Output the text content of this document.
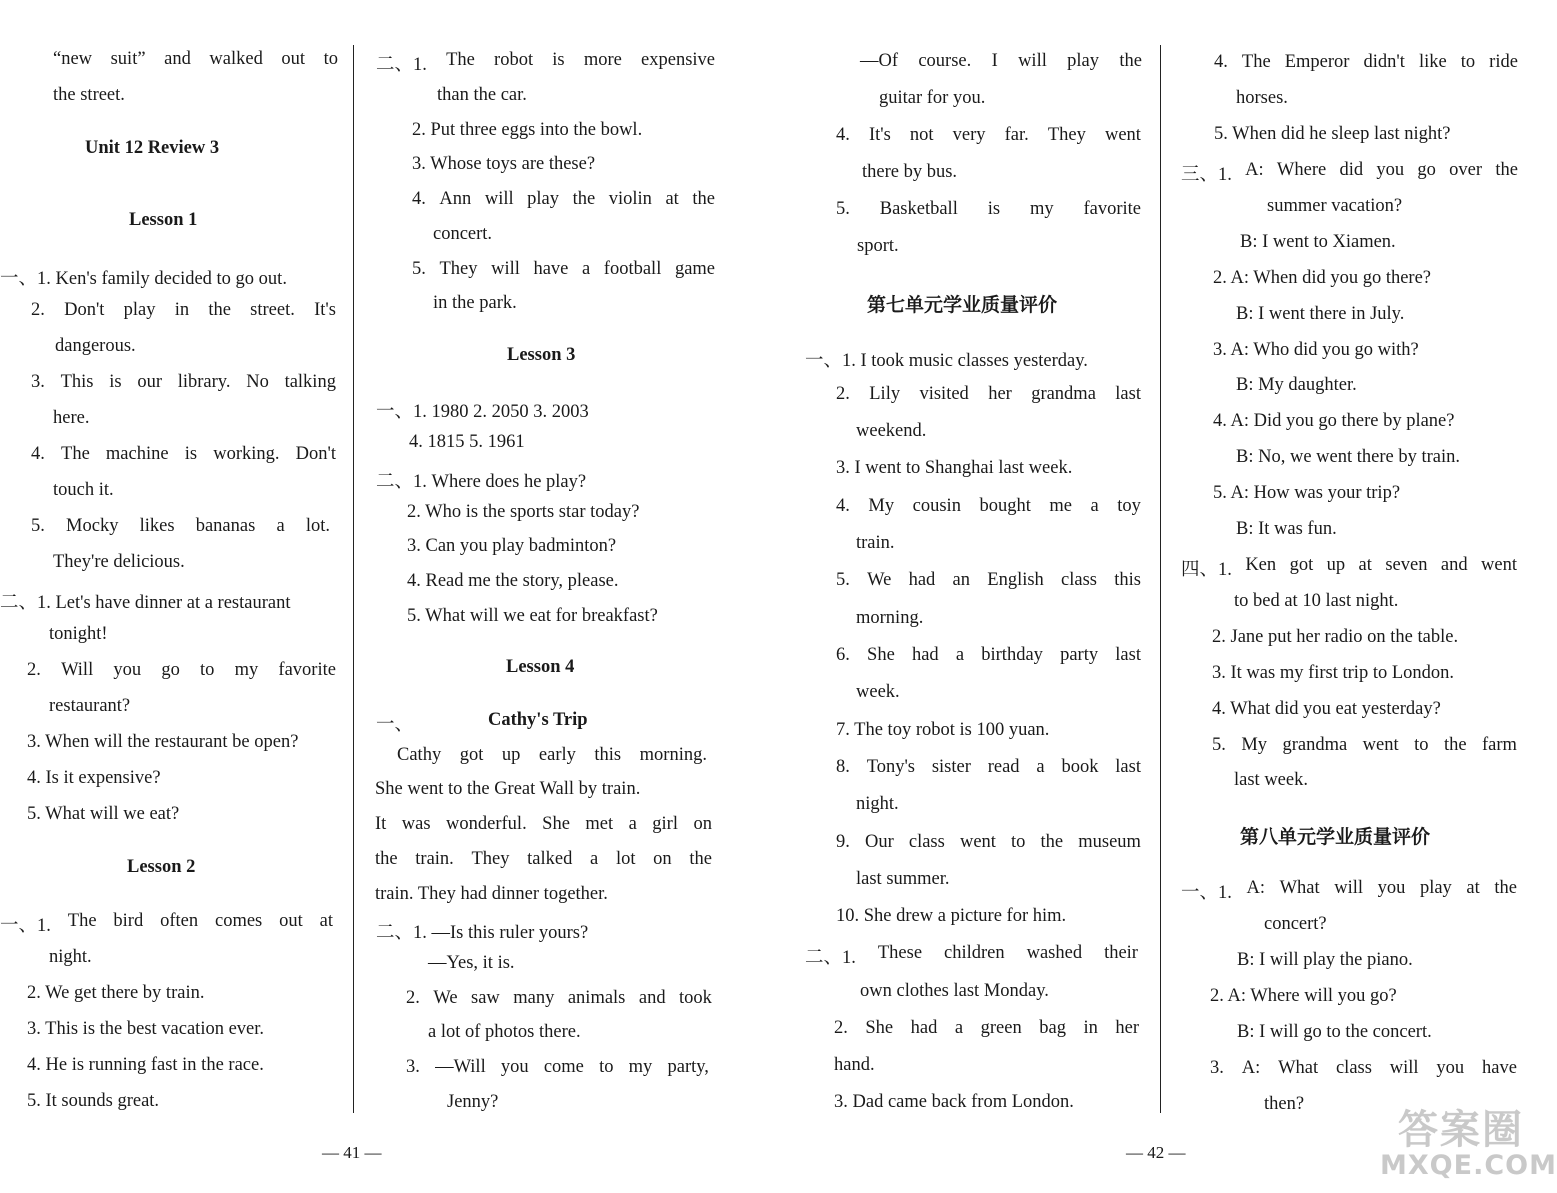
“new suit” and walked out to
the street.
Unit 12 Review 3
Lesson 1
一、1. Ken's family decided to go out.
2. Don't play in the street. It's
dangerous.
3. This is our library. No talking
here.
4. The machine is working. Don't
touch it.
5. Mocky likes bananas a lot.
They're delicious.
二、1. Let's have dinner at a restaurant
tonight!
2. Will you go to my favorite
restaurant?
3. When will the restaurant be open?
4. Is it expensive?
5. What will we eat?
Lesson 2
一、1. The bird often comes out at
night.
2. We get there by train.
3. This is the best vacation ever.
4. He is running fast in the race.
5. It sounds great.
二、1. The robot is more expensive
than the car.
2. Put three eggs into the bowl.
3. Whose toys are these?
4. Ann will play the violin at the
concert.
5. They will have a football game
in the park.
Lesson 3
一、1. 1980 2. 2050 3. 2003
4. 1815 5. 1961
二、1. Where does he play?
2. Who is the sports star today?
3. Can you play badminton?
4. Read me the story, please.
5. What will we eat for breakfast?
Lesson 4
一、	Cathy's Trip
Cathy got up early this morning.
She went to the Great Wall by train.
It was wonderful. She met a girl on
the train. They talked a lot on the
train. They had dinner together.
二、1. —Is this ruler yours?
—Yes, it is.
2. We saw many animals and took
a lot of photos there.
3. —Will you come to my party,
Jenny?
—Of course. I will play the
guitar for you.
4. It's not very far. They went
there by bus.
5. Basketball is my favorite
sport.
第七单元学业质量评价
一、1. I took music classes yesterday.
2. Lily visited her grandma last
weekend.
3. I went to Shanghai last week.
4. My cousin bought me a toy
train.
5. We had an English class this
morning.
6. She had a birthday party last
week.
7. The toy robot is 100 yuan.
8. Tony's sister read a book last
night.
9. Our class went to the museum
last summer.
10. She drew a picture for him.
二、1. These children washed their
own clothes last Monday.
2. She had a green bag in her
hand.
3. Dad came back from London.
4. The Emperor didn't like to ride
horses.
5. When did he sleep last night?
三、1. A: Where did you go over the
summer vacation?
B: I went to Xiamen.
2. A: When did you go there?
B: I went there in July.
3. A: Who did you go with?
B: My daughter.
4. A: Did you go there by plane?
B: No, we went there by train.
5. A: How was your trip?
B: It was fun.
四、1. Ken got up at seven and went
to bed at 10 last night.
2. Jane put her radio on the table.
3. It was my first trip to London.
4. What did you eat yesterday?
5. My grandma went to the farm
last week.
第八单元学业质量评价
一、1. A: What will you play at the
concert?
B: I will play the piano.
2. A: Where will you go?
B: I will go to the concert.
3. A: What class will you have
then?
— 41 —	— 42 —	答案圈
MXQE.COM
